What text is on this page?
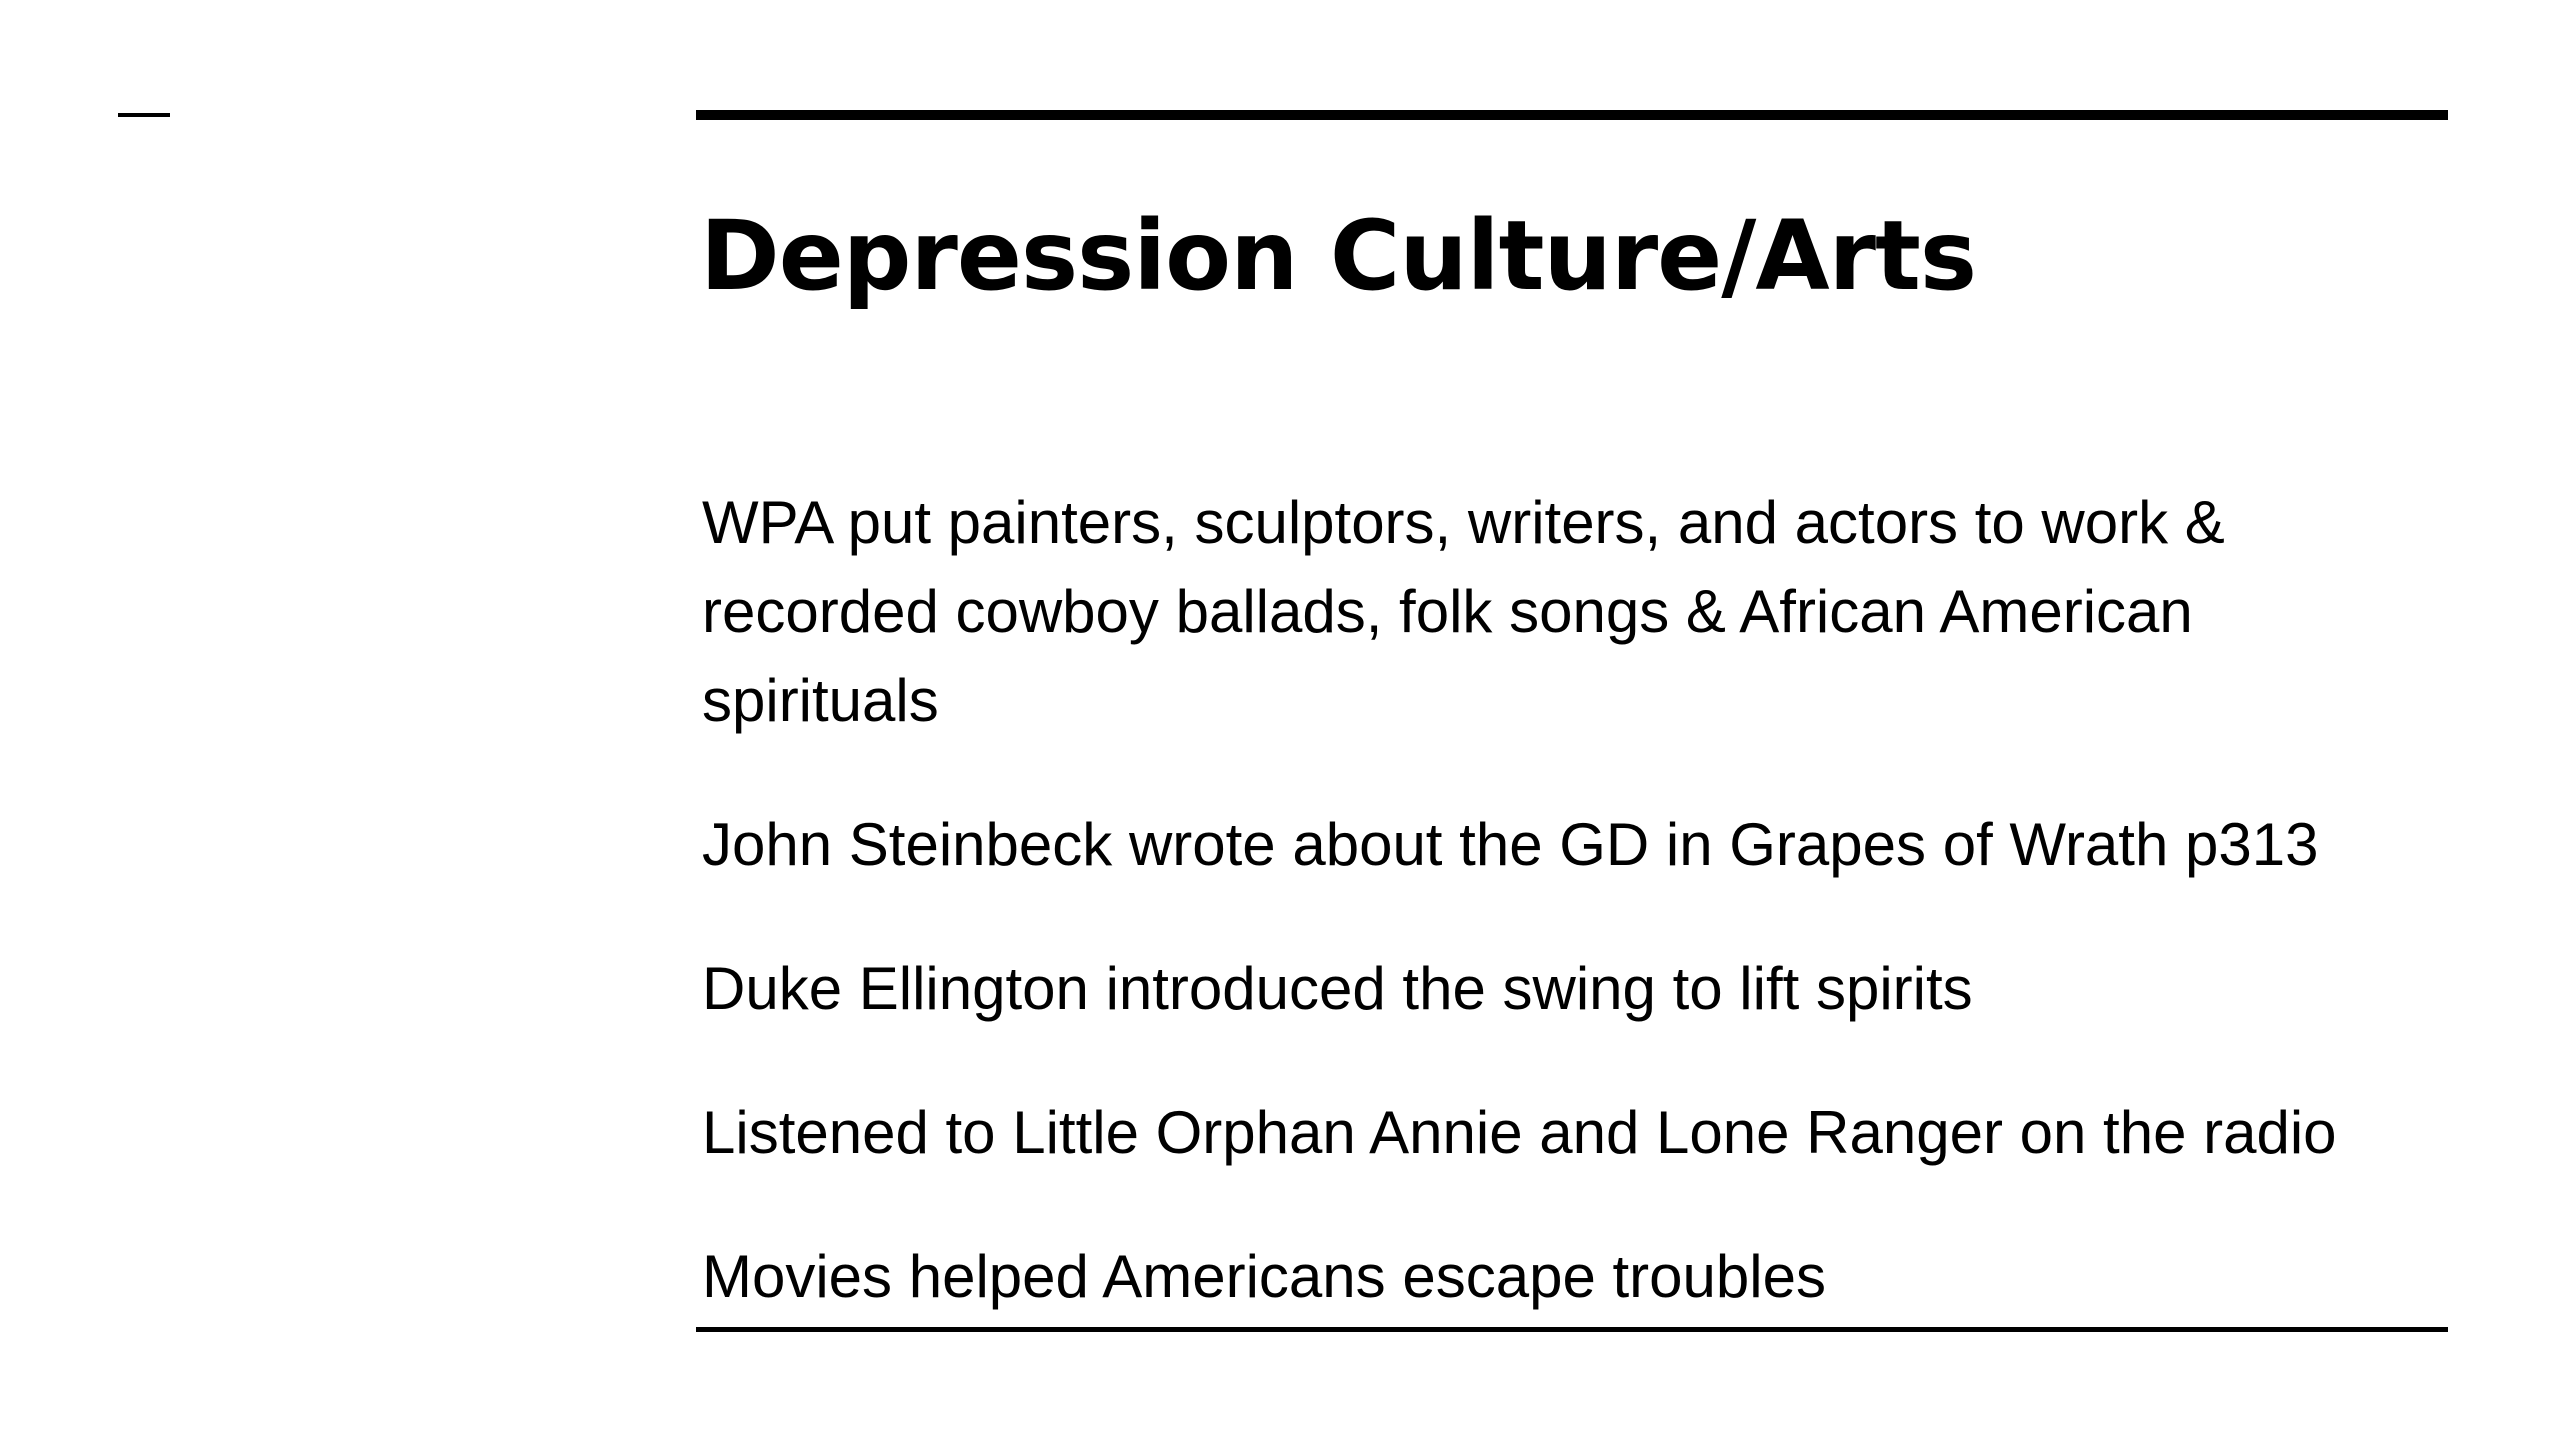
Depression Culture/Arts
WPA put painters, sculptors, writers, and actors to work & recorded cowboy ballads, folk songs & African American spirituals
John Steinbeck wrote about the GD in Grapes of Wrath p313
Duke Ellington introduced the swing to lift spirits
Listened to Little Orphan Annie and Lone Ranger on the radio
Movies helped Americans escape troubles
